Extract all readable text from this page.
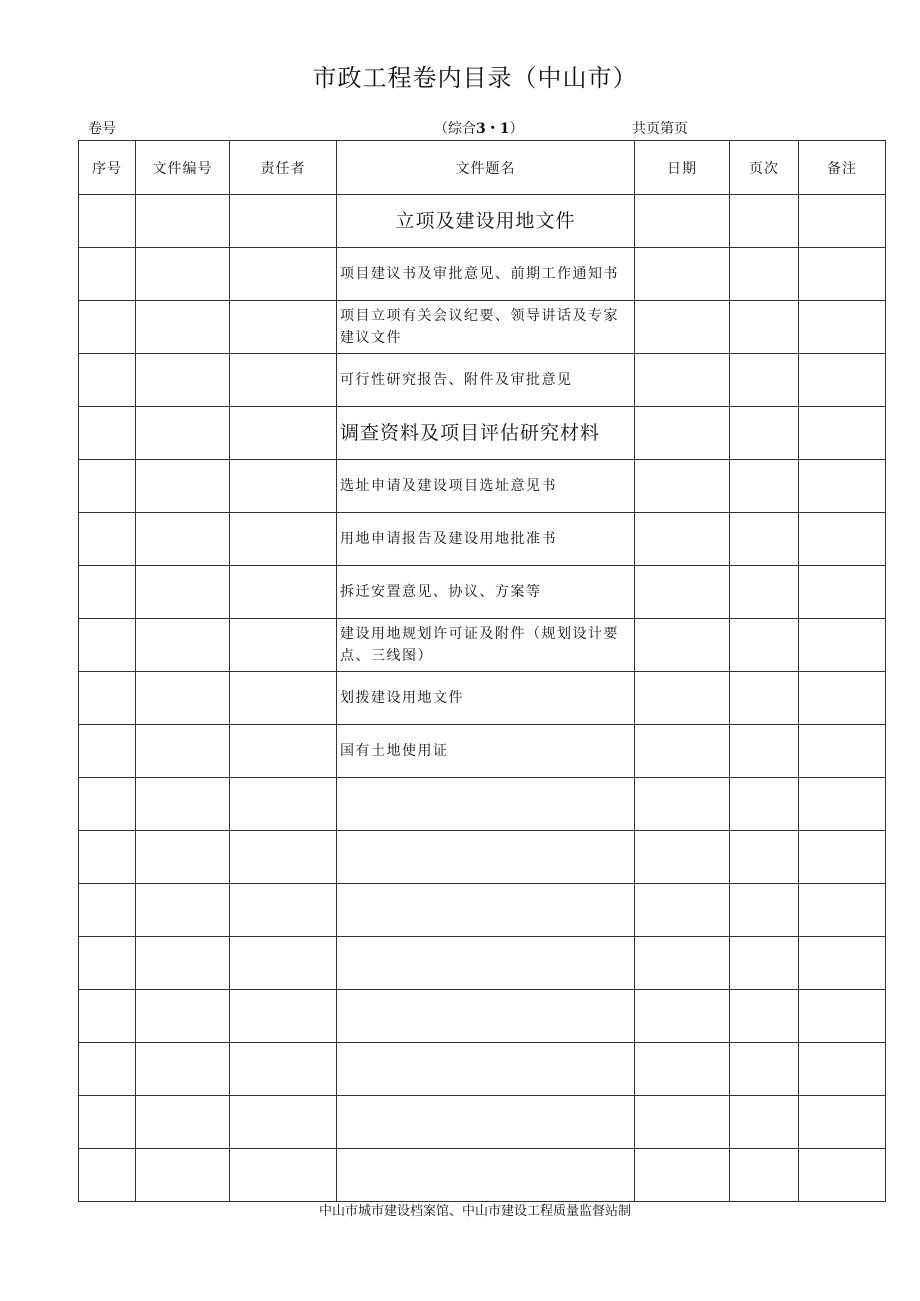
市政工程卷内目录（中山市）
卷号	（综合3・1）	共页第页
序号	文件编号	责任者	文件题名	日期	页次	备注
			立项及建设用地文件			
			项目建议书及审批意见、前期工作通知书			
			项目立项有关会议纪要、领导讲话及专家建议文件			
			可行性研究报告、附件及审批意见			
			调查资料及项目评估研究材料			
			选址申请及建设项目选址意见书			
			用地申请报告及建设用地批准书			
			拆迁安置意见、协议、方案等			
			建设用地规划许可证及附件（规划设计要点、三线图）			
			划拨建设用地文件			
			国有土地使用证			

中山市城市建设档案馆、中山市建设工程质量监督站制
